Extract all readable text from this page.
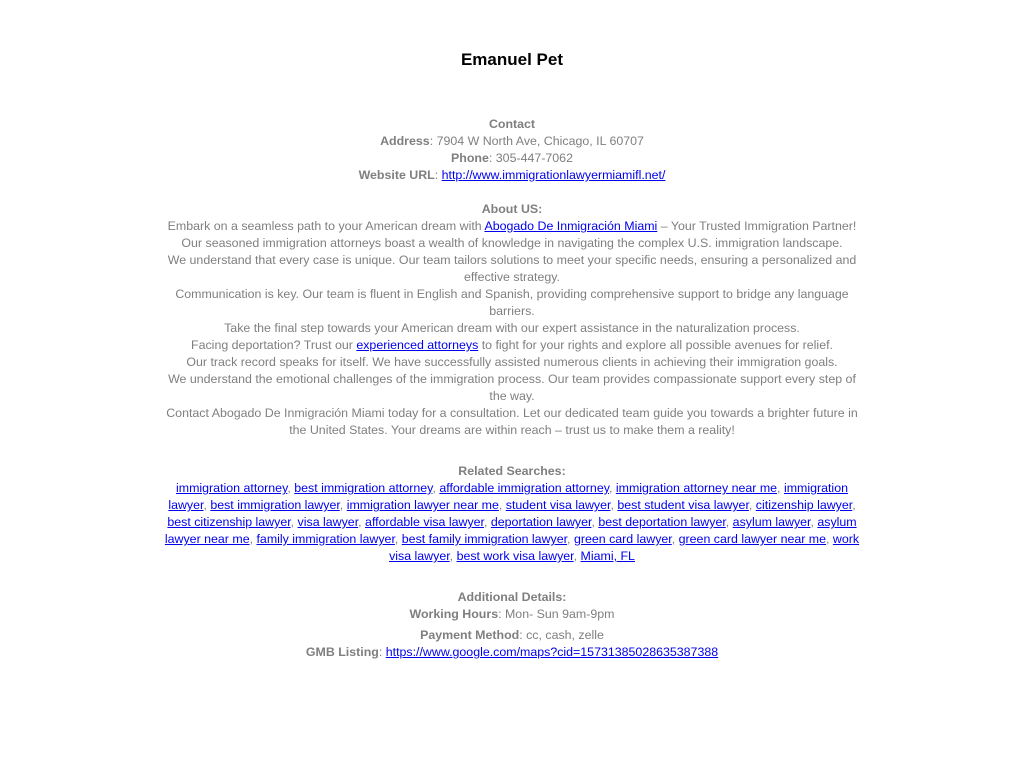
Emanuel Pet

Contact

Address: 7904 W North Ave, Chicago, IL 60707

Phone: 305-447-7062

Website URL: http://www.immigrationlawyermiamifl.net/

About US:

Embark on a seamless path to your American dream with Abogado De Inmigración Miami – Your Trusted Immigration Partner!

Our seasoned immigration attorneys boast a wealth of knowledge in navigating the complex U.S. immigration landscape.

We understand that every case is unique. Our team tailors solutions to meet your specific needs, ensuring a personalized and effective strategy.

Communication is key. Our team is fluent in English and Spanish, providing comprehensive support to bridge any language barriers.

Take the final step towards your American dream with our expert assistance in the naturalization process.

Facing deportation? Trust our experienced attorneys to fight for your rights and explore all possible avenues for relief.

Our track record speaks for itself. We have successfully assisted numerous clients in achieving their immigration goals.

We understand the emotional challenges of the immigration process. Our team provides compassionate support every step of the way.

Contact Abogado De Inmigración Miami today for a consultation. Let our dedicated team guide you towards a brighter future in the United States. Your dreams are within reach – trust us to make them a reality!

Related Searches:

immigration attorney, best immigration attorney, affordable immigration attorney, immigration attorney near me, immigration lawyer, best immigration lawyer, immigration lawyer near me, student visa lawyer, best student visa lawyer, citizenship lawyer, best citizenship lawyer, visa lawyer, affordable visa lawyer, deportation lawyer, best deportation lawyer, asylum lawyer, asylum lawyer near me, family immigration lawyer, best family immigration lawyer, green card lawyer, green card lawyer near me, work visa lawyer, best work visa lawyer, Miami, FL

Additional Details:

Working Hours: Mon- Sun 9am-9pm

Payment Method: cc, cash, zelle

GMB Listing: https://www.google.com/maps?cid=15731385028635387388
